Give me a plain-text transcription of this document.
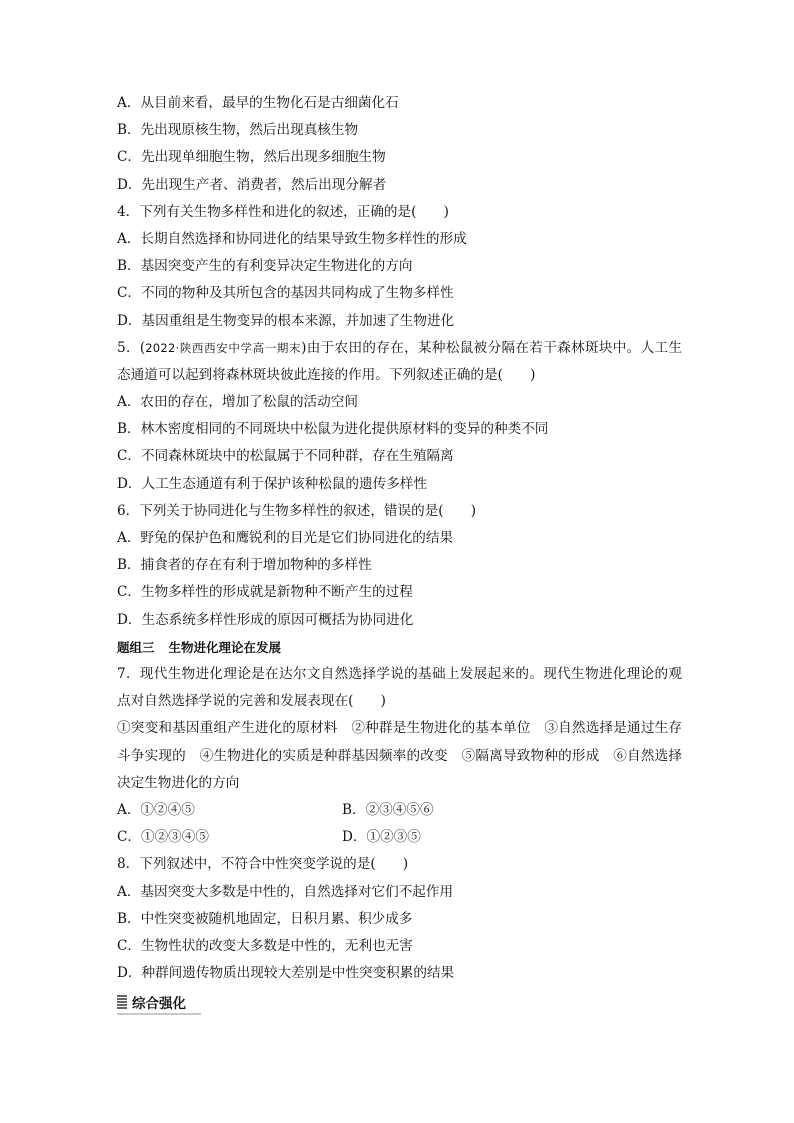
A．从目前来看，最早的生物化石是古细菌化石
B．先出现原核生物，然后出现真核生物
C．先出现单细胞生物，然后出现多细胞生物
D．先出现生产者、消费者，然后出现分解者
4．下列有关生物多样性和进化的叙述，正确的是(　　)
A．长期自然选择和协同进化的结果导致生物多样性的形成
B．基因突变产生的有利变异决定生物进化的方向
C．不同的物种及其所包含的基因共同构成了生物多样性
D．基因重组是生物变异的根本来源，并加速了生物进化
5．(2022·陕西西安中学高一期末)由于农田的存在，某种松鼠被分隔在若干森林斑块中。人工生态通道可以起到将森林斑块彼此连接的作用。下列叙述正确的是(　　)
A．农田的存在，增加了松鼠的活动空间
B．林木密度相同的不同斑块中松鼠为进化提供原材料的变异的种类不同
C．不同森林斑块中的松鼠属于不同种群，存在生殖隔离
D．人工生态通道有利于保护该种松鼠的遗传多样性
6．下列关于协同进化与生物多样性的叙述，错误的是(　　)
A．野兔的保护色和鹰锐利的目光是它们协同进化的结果
B．捕食者的存在有利于增加物种的多样性
C．生物多样性的形成就是新物种不断产生的过程
D．生态系统多样性形成的原因可概括为协同进化
题组三 生物进化理论在发展
7．现代生物进化理论是在达尔文自然选择学说的基础上发展起来的。现代生物进化理论的观点对自然选择学说的完善和发展表现在(　　)
①突变和基因重组产生进化的原材料　②种群是生物进化的基本单位　③自然选择是通过生存斗争实现的　④生物进化的实质是种群基因频率的改变　⑤隔离导致物种的形成　⑥自然选择决定生物进化的方向
A．①②④⑤	B．②③④⑤⑥
C．①②③④⑤	D．①②③⑤
8．下列叙述中，不符合中性突变学说的是(　　)
A．基因突变大多数是中性的，自然选择对它们不起作用
B．中性突变被随机地固定，日积月累、积少成多
C．生物性状的改变大多数是中性的，无利也无害
D．种群间遗传物质出现较大差别是中性突变积累的结果
综合强化
